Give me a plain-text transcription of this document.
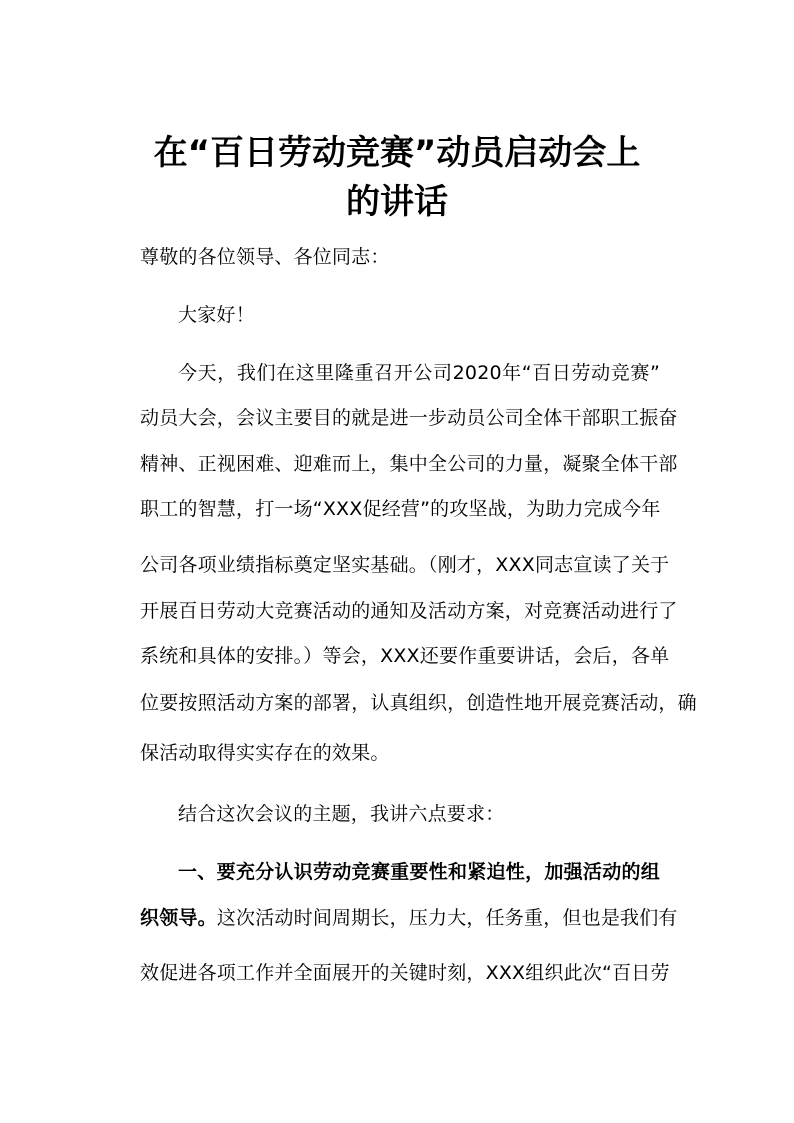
在“百日劳动竞赛”动员启动会上
的讲话
尊敬的各位领导、各位同志：
大家好！
今天，我们在这里隆重召开公司2020年“百日劳动竞赛”
动员大会，会议主要目的就是进一步动员公司全体干部职工振奋
精神、正视困难、迎难而上，集中全公司的力量，凝聚全体干部
职工的智慧，打一场“XXX促经营”的攻坚战，为助力完成今年
公司各项业绩指标奠定坚实基础。（刚才，XXX同志宣读了关于
开展百日劳动大竞赛活动的通知及活动方案，对竞赛活动进行了
系统和具体的安排。）等会，XXX还要作重要讲话，会后，各单
位要按照活动方案的部署，认真组织，创造性地开展竞赛活动，确
保活动取得实实存在的效果。
结合这次会议的主题，我讲六点要求：
一、要充分认识劳动竞赛重要性和紧迫性，加强活动的组
织领导。这次活动时间周期长，压力大，任务重，但也是我们有
效促进各项工作并全面展开的关键时刻，XXX组织此次“百日劳
